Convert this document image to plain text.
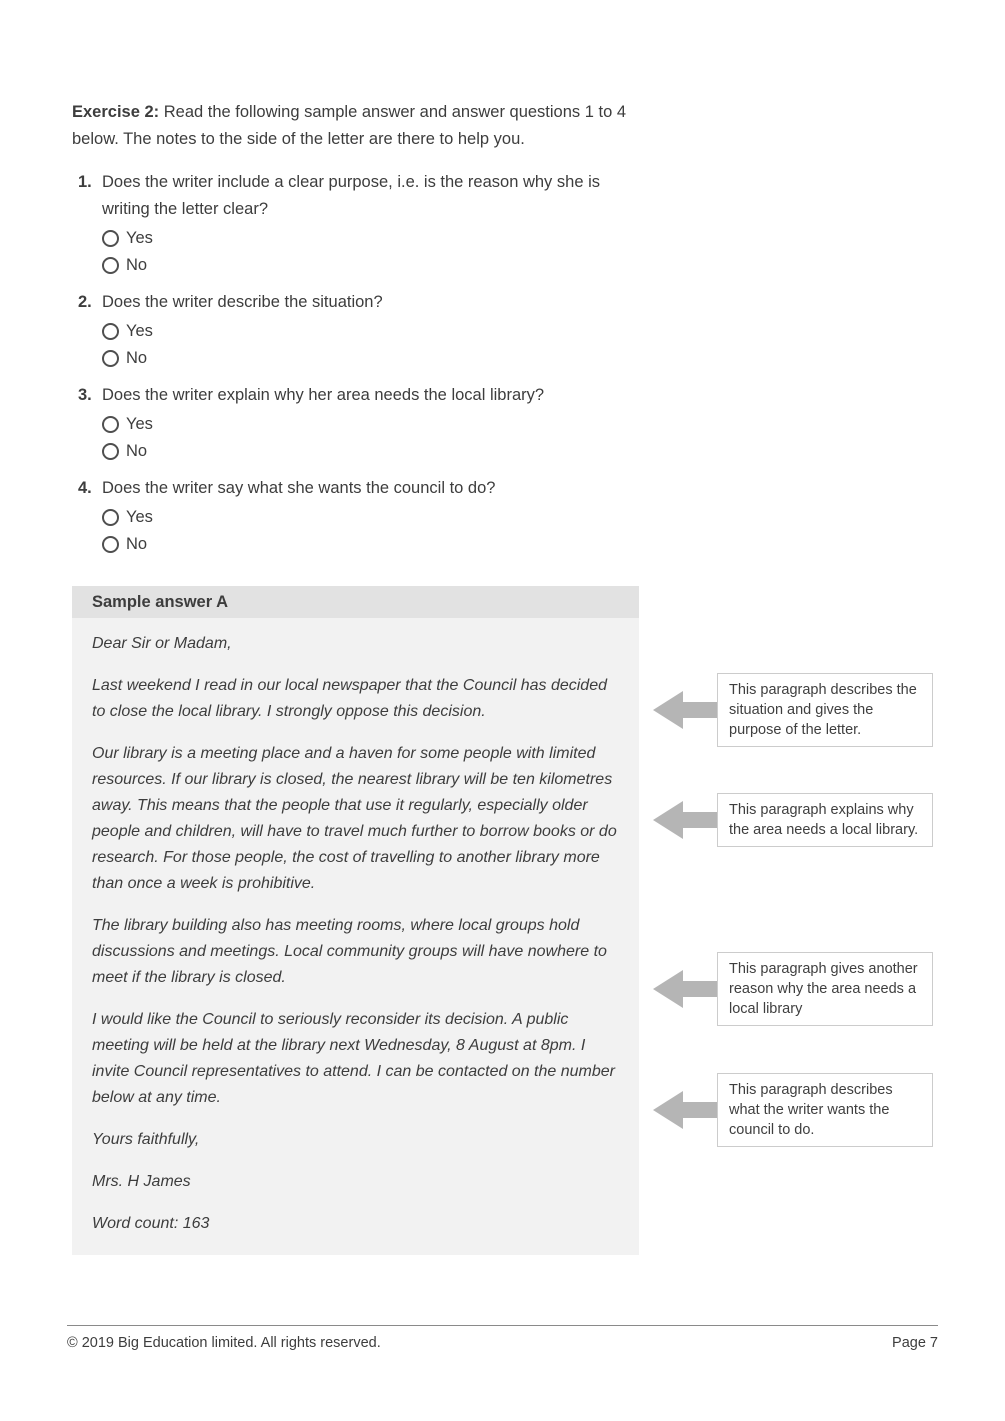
Exercise 2: Read the following sample answer and answer questions 1 to 4 below. The notes to the side of the letter are there to help you.
1. Does the writer include a clear purpose, i.e. is the reason why she is writing the letter clear?
Yes
No
2. Does the writer describe the situation?
Yes
No
3. Does the writer explain why her area needs the local library?
Yes
No
4. Does the writer say what she wants the council to do?
Yes
No
Sample answer A

Dear Sir or Madam,

Last weekend I read in our local newspaper that the Council has decided to close the local library. I strongly oppose this decision.

Our library is a meeting place and a haven for some people with limited resources. If our library is closed, the nearest library will be ten kilometres away. This means that the people that use it regularly, especially older people and children, will have to travel much further to borrow books or do research. For those people, the cost of travelling to another library more than once a week is prohibitive.

The library building also has meeting rooms, where local groups hold discussions and meetings. Local community groups will have nowhere to meet if the library is closed.

I would like the Council to seriously reconsider its decision. A public meeting will be held at the library next Wednesday, 8 August at 8pm. I invite Council representatives to attend. I can be contacted on the number below at any time.

Yours faithfully,

Mrs. H James

Word count: 163

This paragraph describes the situation and gives the purpose of the letter.
This paragraph explains why the area needs a local library.
This paragraph gives another reason why the area needs a local library
This paragraph describes what the writer wants the council to do.
© 2019 Big Education limited. All rights reserved.	Page 7
